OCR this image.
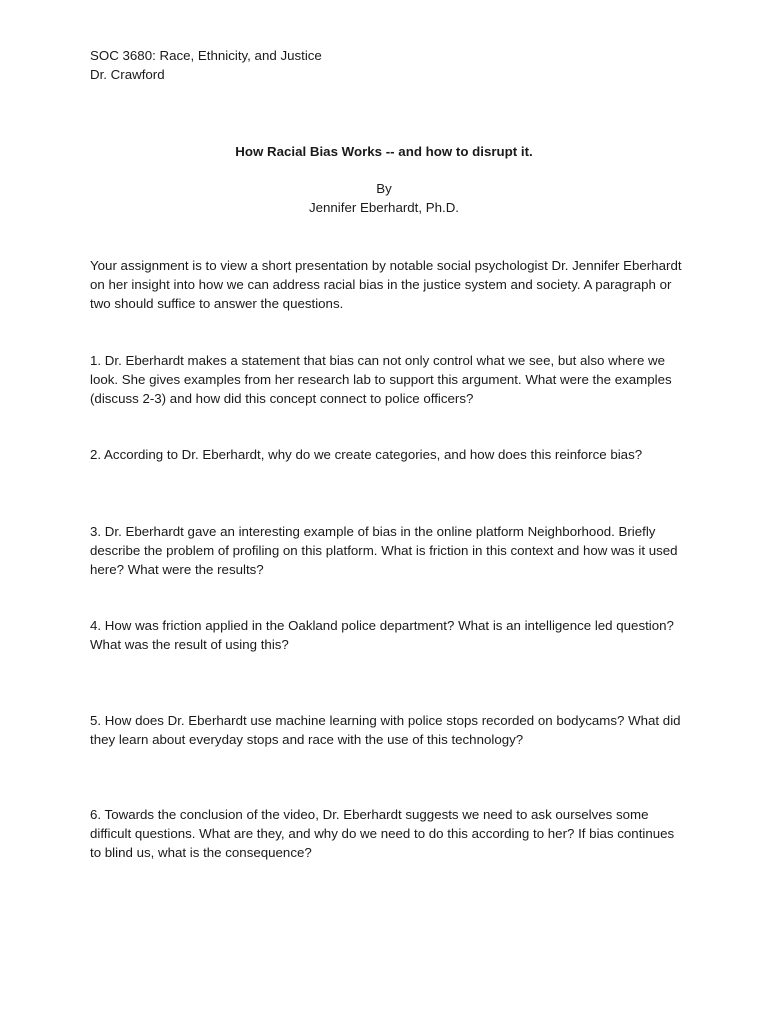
SOC 3680: Race, Ethnicity, and Justice
Dr. Crawford
How Racial Bias Works -- and how to disrupt it.
By
Jennifer Eberhardt, Ph.D.

Your assignment is to view a short presentation by notable social psychologist Dr. Jennifer Eberhardt on her insight into how we can address racial bias in the justice system and society. A paragraph or two should suffice to answer the questions.

1. Dr. Eberhardt makes a statement that bias can not only control what we see, but also where we look. She gives examples from her research lab to support this argument. What were the examples (discuss 2-3) and how did this concept connect to police officers?

2. According to Dr. Eberhardt, why do we create categories, and how does this reinforce bias?

3. Dr. Eberhardt gave an interesting example of bias in the online platform Neighborhood. Briefly describe the problem of profiling on this platform. What is friction in this context and how was it used here? What were the results?

4. How was friction applied in the Oakland police department? What is an intelligence led question? What was the result of using this?

5. How does Dr. Eberhardt use machine learning with police stops recorded on bodycams? What did they learn about everyday stops and race with the use of this technology?

6. Towards the conclusion of the video, Dr. Eberhardt suggests we need to ask ourselves some difficult questions. What are they, and why do we need to do this according to her? If bias continues to blind us, what is the consequence?
